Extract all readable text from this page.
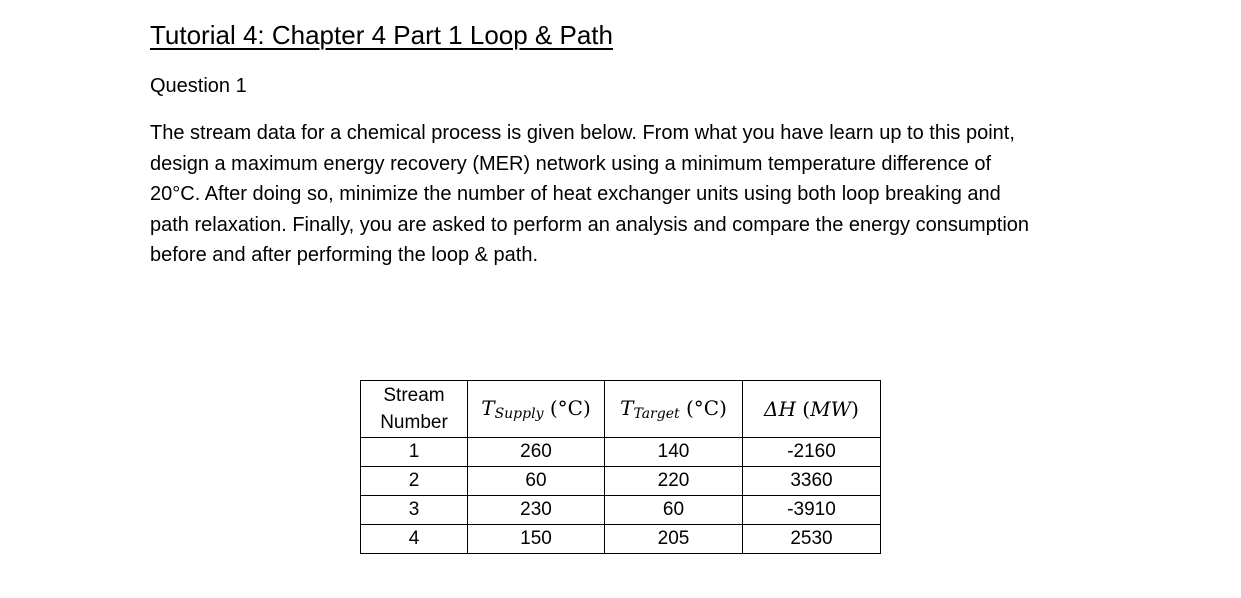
Tutorial 4: Chapter 4 Part 1 Loop & Path
Question 1
The stream data for a chemical process is given below. From what you have learn up to this point,
design a maximum energy recovery (MER) network using a minimum temperature difference of
20°C. After doing so, minimize the number of heat exchanger units using both loop breaking and
path relaxation. Finally, you are asked to perform an analysis and compare the energy consumption
before and after performing the loop & path.
Stream
Number	$T_{Supply}$ (°C)	$T_{Target}$ (°C)	ΔH (MW)
1	260	140	-2160
2	60	220	3360
3	230	60	-3910
4	150	205	2530
